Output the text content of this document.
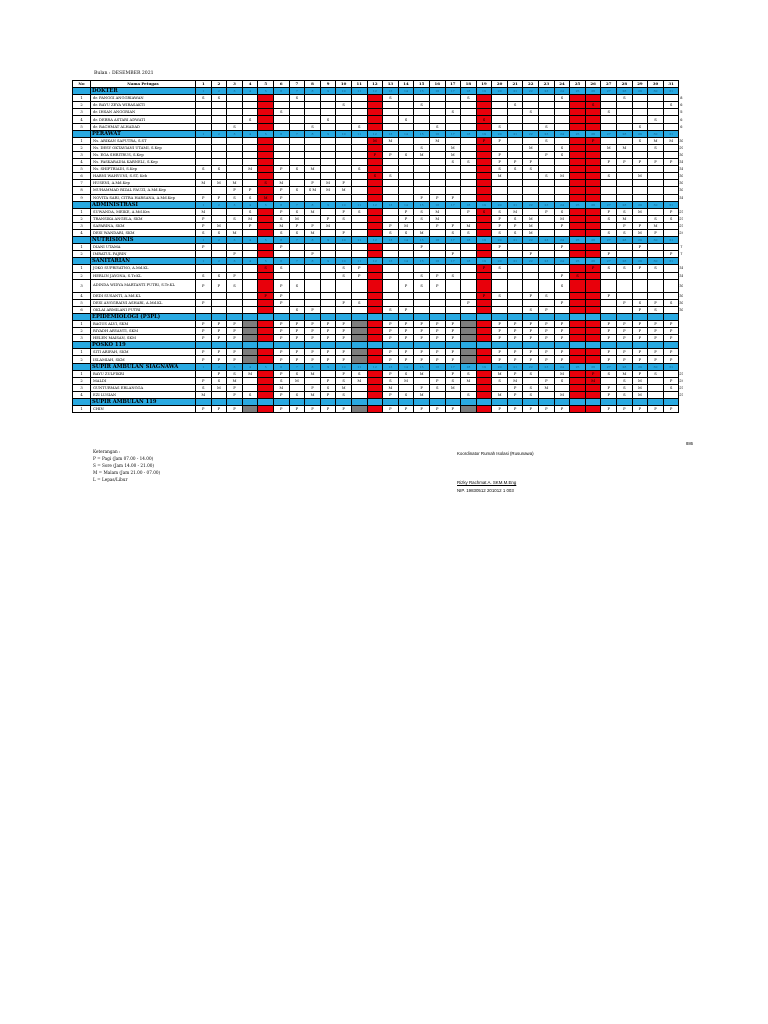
Bulan : DESEMBER 2021
No	Nama Petugas	1	2	3	4	5	6	7	8	9	10	11	12	13	14	15	16	17	18	19	20	21	22	23	24	25	26	27	28	29	30	31	
	DOKTER	1	2	3	4	5	6	7	8	9	10	11	12	13	14	15	16	17	18	19	20	21	22	23	24	25	26	27	28	29	30	31	
1	dr. PANGGI ANGGRIAWAN	S	S					S						S					S						S				S				8
2	dr. BAYU ZEYA WIRASAKTI										S					S						S					S					S	6
3	dr. IHSAN ANGGRIAN						S											S					S					S					5
4	dr. DEBRA ASTARI ADWATI				S					S					S					S											S		6
5	dr. RACHMAT ALHADAD			S					S			S					S				S			S						S			6
	PERAWAT	1	2	3	4	5	6	7	8	9	10	11	12	13	14	15	16	17	18	19	20	21	22	23	24	25	26	27	28	29	30	31	
1	Ns. ARIKAN SAPUTRA, S.ST												M	M			M			P	P			S			P			S	M	M	30
2	Ns. DESY OKTAVIANI UTAMI, S.Kep															S		M					M		S			M	M		S		20
3	Ns. EGA SHRITRUS, S.Kep												P	P	S	M		M			P			P	S								30
4	Ns. PASKARADIA KARNELI, S.Kep																	S	S		P	P	P					P	P	P	P	P	31
5	Ns. SHIPTRIADI, S.Kep	S	S		M		P	S	M			S									S	S	S										31
6	HABNI WAHYUNI, S.ST, Keb												S	S							M			S	M			S		M			30
7	HUSENI, A.Md.Kep	M	M	M		S	M		P	M	P																						30
8	MUHAMMAD RIZAL FAUZI, A.Md.Kep			P	P		P	S	S M	M	M																						30
9	NOVITA SARI, CITRA HARSANA, A.Md.Kep	P	P	S	S	M	P									P	P	P															31
	ADMINISTRASI	1	2	3	4	5	6	7	8	9	10	11	12	13	14	15	16	17	18	19	20	21	22	23	24	25	26	27	28	29	30	31	
1	SUWANDA, MEIKE, A.Md.Kes	M			S		P	S	M		P	S			P	S	M		P	S	S	M		P	S			P	S	M		P	23
2	TRANSIKA ANGELA, SKM	P		S	M		S	M		P	S				P	S	M				P	S	M		M			S	M		S	S	23
3	SAPARINA, SKM	P	M		P		M	P	P	M				P	M		P	F	M		P	P	M		P				P	P	M		23
4	DESI WANDARI, SKM	S	S	M			S	S	M		P			S	S	M		S	S		S	S	M					S	S	M	P		24
	NUTRISIONIS	1	2	3	4	5	6	7	8	9	10	11	12	13	14	15	16	17	18	19	20	21	22	23	24	25	26	27	28	29	30	31	
1	DIANI UTAMA	P					P									P					P				P					P			7
2	IMRATUL FAJRIN			P					P									P					P					P				P	7
	SANITARIAN	1	2	3	4	5	6	7	8	9	10	11	12	13	14	15	16	17	18	19	20	21	22	23	24	25	26	27	28	29	30	31	
1	JOKO SUPRIYATNO, A.Md.KL					S	S				S	P								P	S						P	S	S	P	S		31
2	HERLIN JAYONA, S.Tr.KL	S	S	P							S	P				S	P	S							P	S							31
3	ADINDA WIDYA MARTANTI PUTRI, S.Tr.KL	P	P	S			P	S							P	S	P								S								30
4	DEDI SUSANTI, A.Md.KL					P	P													P	S		P	S				P					30
5	DESI ANGGRAINI ASHARI, A.Md.KL	P					P				P	S							P						P				P	S	P	S	30
6	OKLAI ARMILANI PUTRI							S	P					S	P								S	P						P	S		30
	EPIDEMIOLOGI (P3PL)																																
1	BAGUS ALVI, SKM	P	P	P			P	P	P	P	P			P	P	P	P	P			P	P	P	P	P			P	P	P	P	P	
2	RIYADH ARYANTI, SKM	P	P	P			P	P	P	P	P			P	P	P	P	P			P	P	P	P	P			P	P	P	P	P	
3	HELEN MAISAN, SKM	P	P	P			P	P	P	P	P			P	P	P	P	P			P	P	P	P	P			P	P	P	P	P	
	POSKO 119																																
1	SITI ARIFAH, SKM	P	P	P			P	P	P	P	P			P	P	P	P	P			P	P	P	P	P			P	P	P	P	P	
2	ISLAMIAH, SKM	P	P	P			P	P	P	P	P			P	P	P	P	P			P	P	P	P	P			P	P	P	P	P	
	SUPIR AMBULAN SIAGNAWA	1	2	3	4	5	6	7	8	9	10	11	12	13	14	15	16	17	18	19	20	21	22	23	24	25	26	27	28	29	30	31	
1	BAYU ZULFIKRI		P	S	M		P	S	M		P	S		P	S	M		P	S		M	P	S		M		P	S	M	P	S		23
2	MALDI	P	S	M			S	M		P	S	M		S	M		P	S	M		S	M		P	S		M		S	M		P	24
3	GUNTURMAS ERLANGGA	S	M	P			M		P	S	M			M		P	S	M				P	S	M				P	S	M		S	23
4	EZI LUSIAN	M		P	S		P	S	M	P	S			P	S	M			S		M	P	S		M			P	S	M			23
	SUPIR AMBULAN 119																																
1	CHIN	P	P	P			P	P	P	P	P			P	P	P	P	P			P	P	P	P	P			P	P	P	P	P	
886
Keterangan :
P = Pagi (Jam 07.00 - 14.00)
S = Sore (Jam 14.00 - 21.00)
M = Malam (Jam 21.00 - 07.00)
L = Lepas/Libur
Koordinator Rumah Isolasi (Rusunawa)
Rizky Rachmat A. SKM.M.Eng
NIP. 19830512 201012 1 003
